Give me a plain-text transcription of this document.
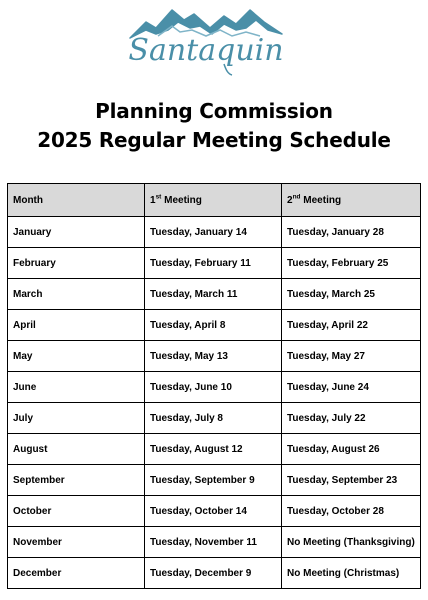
Santaquin
Planning Commission
2025 Regular Meeting Schedule
Month	1st Meeting	2nd Meeting
January	Tuesday, January 14	Tuesday, January 28
February	Tuesday, February 11	Tuesday, February 25
March	Tuesday, March 11	Tuesday, March 25
April	Tuesday, April 8	Tuesday, April 22
May	Tuesday, May 13	Tuesday, May 27
June	Tuesday, June 10	Tuesday, June 24
July	Tuesday, July 8	Tuesday, July 22
August	Tuesday, August 12	Tuesday, August 26
September	Tuesday, September 9	Tuesday, September 23
October	Tuesday, October 14	Tuesday, October 28
November	Tuesday, November 11	No Meeting (Thanksgiving)
December	Tuesday, December 9	No Meeting (Christmas)
